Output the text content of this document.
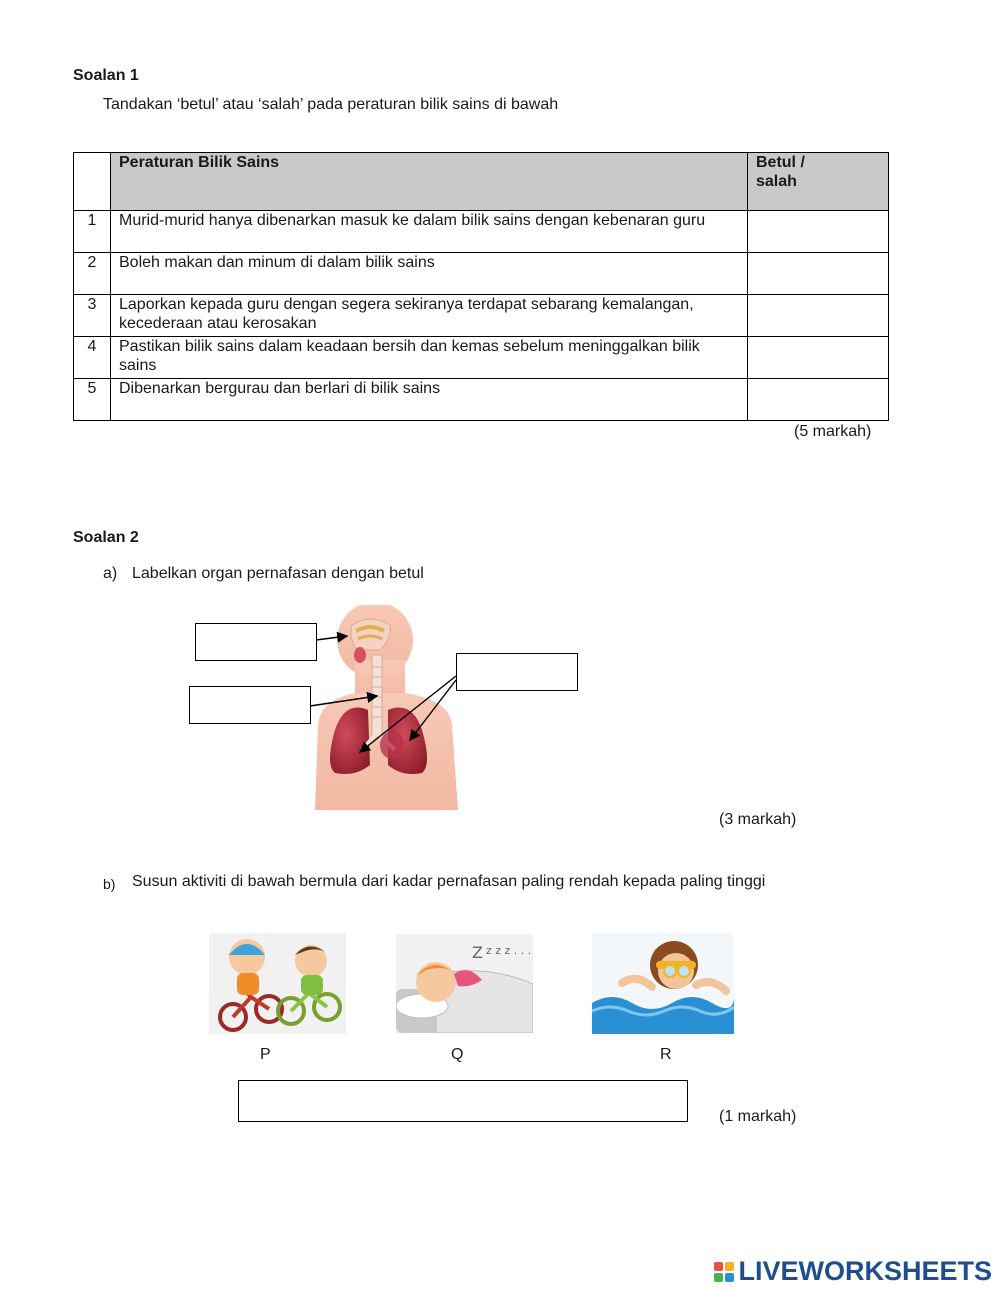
Soalan 1
Tandakan ‘betul’ atau ‘salah’ pada peraturan bilik sains di bawah
	Peraturan Bilik Sains	Betul /
salah

1	Murid-murid hanya dibenarkan masuk ke dalam bilik sains dengan kebenaran guru	
2	Boleh makan dan minum di dalam bilik sains	
3	Laporkan kepada guru dengan segera sekiranya terdapat sebarang kemalangan, kecederaan atau kerosakan	
4	Pastikan bilik sains dalam keadaan bersih dan kemas sebelum meninggalkan bilik sains	
5	Dibenarkan bergurau dan berlari di bilik sains	
(5 markah)
Soalan 2
a) Labelkan organ pernafasan dengan betul
(3 markah)
b) Susun aktiviti di bawah bermula dari kadar pernafasan paling rendah kepada paling tinggi
Z z z z . . .
P	Q	R
(1 markah)
LIVEWORKSHEETS
